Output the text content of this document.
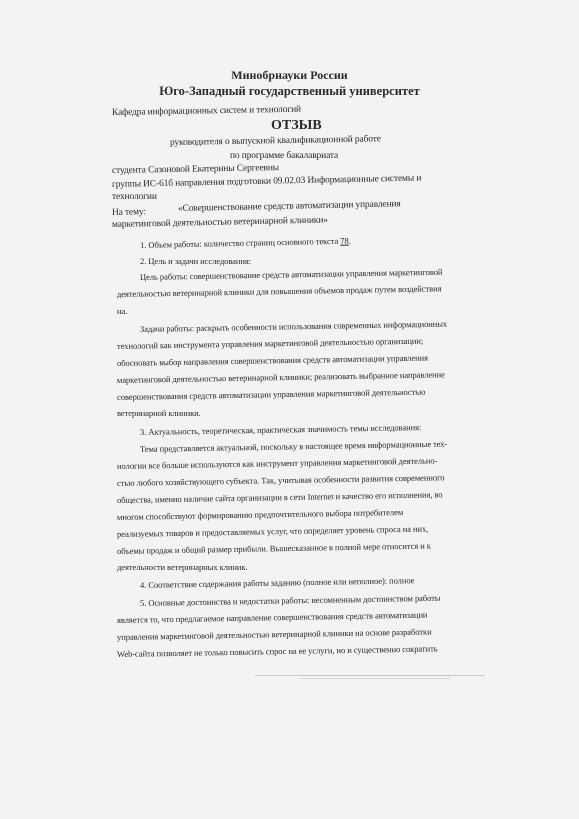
Минобрнауки России
Юго-Западный государственный университет
Кафедра информационных систем и технологий
ОТЗЫВ
руководителя о выпускной квалификационной работе
по программе бакалавриата
студента Сазоновой Екатерины Сергеевны
группы ИС-61б направления подготовки 09.02.03 Информационные системы и
технологии
На тему:	«Совершенствование средств автоматизации управления
маркетинговой деятельностью ветеринарной клиники»
1. Объем работы: количество страниц основного текста 78.
2. Цель и задачи исследования:
Цель работы: совершенствование средств автоматизации управления маркетинговой
деятельностью ветеринарной клиники для повышения объемов продаж путем воздействия
на.
Задачи работы: раскрыть особенности использования современных информационных
технологий как инструмента управления маркетинговой деятельностью организации;
обосновать выбор направления совершенствования средств автоматизации управления
маркетинговой деятельностью ветеринарной клиники; реализовать выбранное направление
совершенствования средств автоматизации управления маркетинговой деятельностью
ветеринарной клиники.
3. Актуальность, теоретическая, практическая значимость темы исследования:
Тема представляется актуальной, поскольку в настоящее время информационные тех-
нологии все больше используются как инструмент управления маркетинговой деятельно-
стью любого хозяйствующего субъекта. Так, учитывая особенности развития современного
общества, именно наличие сайта организации в сети Internet и качество его исполнения, во
многом способствуют формированию предпочтительного выбора потребителем
реализуемых товаров и предоставляемых услуг, что определяет уровень спроса на них,
объемы продаж и общий размер прибыли. Вышесказанное в полной мере относится и к
деятельности ветеринарных клиник.
4. Соответствие содержания работы заданию (полное или неполное): полное
5. Основные достоинства и недостатки работы: несомненным достоинством работы
является то, что предлагаемое направление совершенствования средств автоматизации
управления маркетинговой деятельностью ветеринарной клиники на основе разработки
Web-сайта позволяет не только повысить спрос на ее услуги, но и существенно сократить
